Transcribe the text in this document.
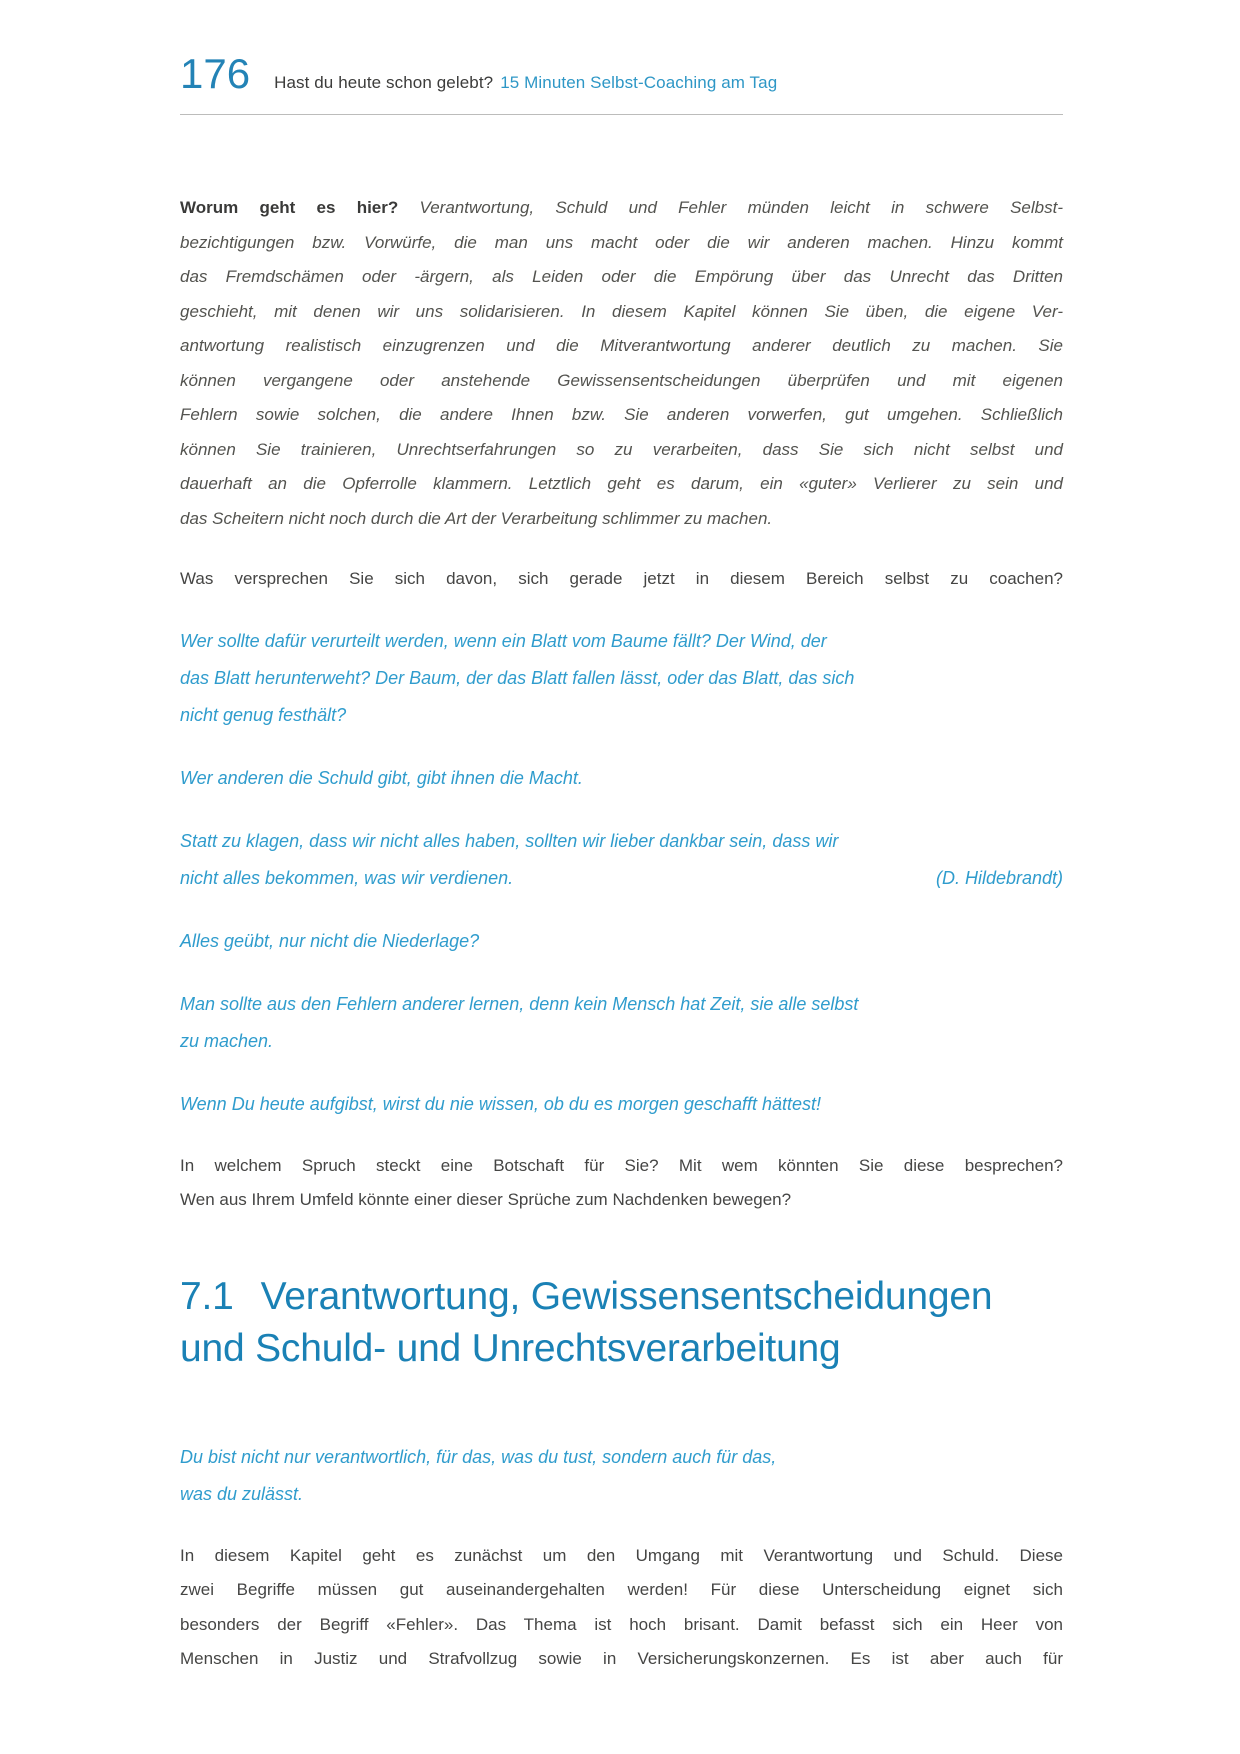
176 Hast du heute schon gelebt? 15 Minuten Selbst-Coaching am Tag
Worum geht es hier? Verantwortung, Schuld und Fehler münden leicht in schwere Selbst-
bezichtigungen bzw. Vorwürfe, die man uns macht oder die wir anderen machen. Hinzu kommt
das Fremdschämen oder -ärgern, als Leiden oder die Empörung über das Unrecht das Dritten
geschieht, mit denen wir uns solidarisieren. In diesem Kapitel können Sie üben, die eigene Ver-
antwortung realistisch einzugrenzen und die Mitverantwortung anderer deutlich zu machen. Sie
können vergangene oder anstehende Gewissensentscheidungen überprüfen und mit eigenen
Fehlern sowie solchen, die andere Ihnen bzw. Sie anderen vorwerfen, gut umgehen. Schließlich
können Sie trainieren, Unrechtserfahrungen so zu verarbeiten, dass Sie sich nicht selbst und
dauerhaft an die Opferrolle klammern. Letztlich geht es darum, ein «guter» Verlierer zu sein und
das Scheitern nicht noch durch die Art der Verarbeitung schlimmer zu machen.
Was versprechen Sie sich davon, sich gerade jetzt in diesem Bereich selbst zu coachen?
Wer sollte dafür verurteilt werden, wenn ein Blatt vom Baume fällt? Der Wind, der
das Blatt herunterweht? Der Baum, der das Blatt fallen lässt, oder das Blatt, das sich
nicht genug festhält?
Wer anderen die Schuld gibt, gibt ihnen die Macht.
Statt zu klagen, dass wir nicht alles haben, sollten wir lieber dankbar sein, dass wir
nicht alles bekommen, was wir verdienen.	(D. Hildebrandt)
Alles geübt, nur nicht die Niederlage?
Man sollte aus den Fehlern anderer lernen, denn kein Mensch hat Zeit, sie alle selbst
zu machen.
Wenn Du heute aufgibst, wirst du nie wissen, ob du es morgen geschafft hättest!
In welchem Spruch steckt eine Botschaft für Sie? Mit wem könnten Sie diese besprechen?
Wen aus Ihrem Umfeld könnte einer dieser Sprüche zum Nachdenken bewegen?
7.1 Verantwortung, Gewissensentscheidungen
und Schuld- und Unrechtsverarbeitung
Du bist nicht nur verantwortlich, für das, was du tust, sondern auch für das,
was du zulässt.
In diesem Kapitel geht es zunächst um den Umgang mit Verantwortung und Schuld. Diese
zwei Begriffe müssen gut auseinandergehalten werden! Für diese Unterscheidung eignet sich
besonders der Begriff «Fehler». Das Thema ist hoch brisant. Damit befasst sich ein Heer von
Menschen in Justiz und Strafvollzug sowie in Versicherungskonzernen. Es ist aber auch für
